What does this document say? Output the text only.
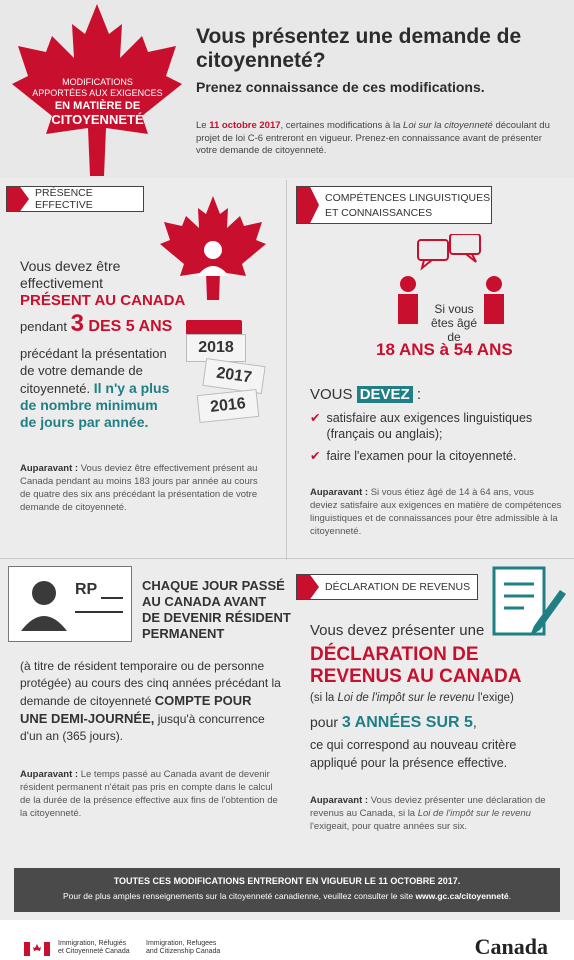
MODIFICATIONS
APPORTÉES AUX EXIGENCES
EN MATIÈRE DE
CITOYENNETÉ
Vous présentez une demande de citoyenneté?
Prenez connaissance de ces modifications.
Le 11 octobre 2017, certaines modifications à la Loi sur la citoyenneté découlant du projet de loi C-6 entreront en vigueur. Prenez-en connaissance avant de présenter votre demande de citoyenneté.
PRÉSENCE EFFECTIVE
Vous devez être
effectivement
PRÉSENT AU CANADA
pendant 3 DES 5 ANS
précédant la présentation
de votre demande de
citoyenneté. Il n'y a plus
de nombre minimum
de jours par année.
2018
2017
2016
Auparavant : Vous deviez être effectivement présent au Canada pendant au moins 183 jours par année au cours de quatre des six ans précédant la présentation de votre demande de citoyenneté.
COMPÉTENCES LINGUISTIQUES
ET CONNAISSANCES
Si vous
êtes âgé de
18 ANS à 54 ANS
VOUS DEVEZ :
✔ satisfaire aux exigences linguistiques
(français ou anglais);
✔ faire l'examen pour la citoyenneté.
Auparavant : Si vous étiez âgé de 14 à 64 ans, vous deviez satisfaire aux exigences en matière de compétences linguistiques et de connaissances pour être admissible à la citoyenneté.
RP	CHAQUE JOUR PASSÉ
AU CANADA AVANT
DE DEVENIR RÉSIDENT
PERMANENT
(à titre de résident temporaire ou de personne protégée) au cours des cinq années précédant la demande de citoyenneté COMPTE POUR UNE DEMI-JOURNÉE, jusqu'à concurrence d'un an (365 jours).
Auparavant : Le temps passé au Canada avant de devenir résident permanent n'était pas pris en compte dans le calcul de la durée de la présence effective aux fins de l'obtention de la citoyenneté.
DÉCLARATION DE REVENUS
Vous devez présenter une
DÉCLARATION DE
REVENUS AU CANADA
(si la Loi de l'impôt sur le revenu l'exige)
pour 3 ANNÉES SUR 5,
ce qui correspond au nouveau critère
appliqué pour la présence effective.
Auparavant : Vous deviez présenter une déclaration de revenus au Canada, si la Loi de l'impôt sur le revenu l'exigeait, pour quatre années sur six.
TOUTES CES MODIFICATIONS ENTRERONT EN VIGUEUR LE 11 OCTOBRE 2017.
Pour de plus amples renseignements sur la citoyenneté canadienne, veuillez consulter le site www.gc.ca/citoyenneté.
Immigration, Réfugiés
et Citoyenneté Canada
Immigration, Refugees
and Citizenship Canada	Canada
